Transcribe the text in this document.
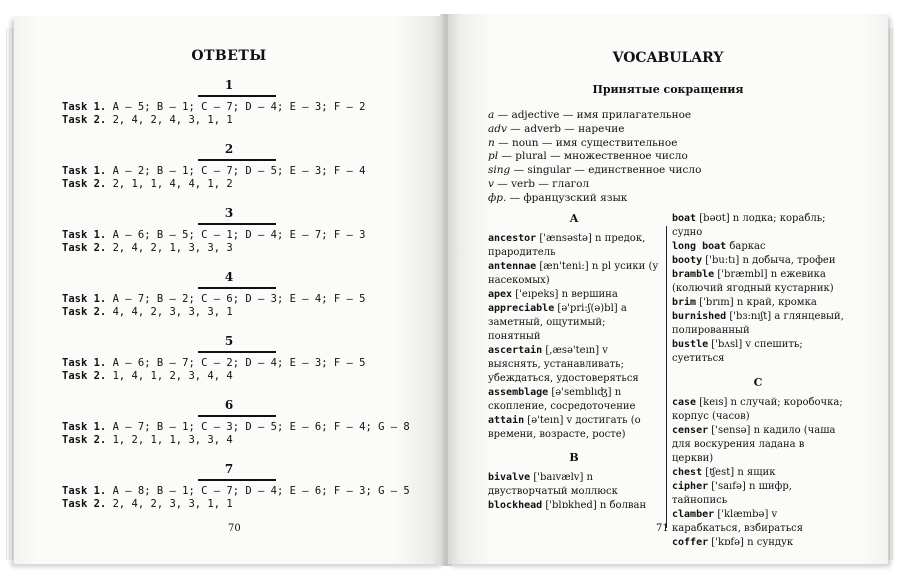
ОТВЕТЫ
1
Task 1. A — 5; B — 1; C — 7; D — 4; E — 3; F — 2
Task 2. 2, 4, 2, 4, 3, 1, 1
2
Task 1. A — 2; B — 1; C — 7; D — 5; E — 3; F — 4
Task 2. 2, 1, 1, 4, 4, 1, 2
3
Task 1. A — 6; B — 5; C — 1; D — 4; E — 7; F — 3
Task 2. 2, 4, 2, 1, 3, 3, 3
4
Task 1. A — 7; B — 2; C — 6; D — 3; E — 4; F — 5
Task 2. 4, 4, 2, 3, 3, 3, 1
5
Task 1. A — 6; B — 7; C — 2; D — 4; E — 3; F — 5
Task 2. 1, 4, 1, 2, 3, 4, 4
6
Task 1. A — 7; B — 1; C — 3; D — 5; E — 6; F — 4; G — 8
Task 2. 1, 2, 1, 1, 3, 3, 4
7
Task 1. A — 8; B — 1; C — 7; D — 4; E — 6; F — 3; G — 5
Task 2. 2, 4, 2, 3, 3, 1, 1
70
VOCABULARY
Принятые сокращения
a — adjective — имя прилагательное
adv — adverb — наречие
n — noun — имя существительное
pl — plural — множественное число
sing — singular — единственное число
v — verb — глагол
фр. — французский язык
A
ancestor ['ænsəstə] n предок, прародитель
antennae [æn'teni:] n pl усики (у насекомых)
apex ['eıpeks] n вершина
appreciable [ə'pri:ʃ(ə)bl] a заметный, ощутимый; понятный
ascertain [,æsə'teın] v выяснять, устанавливать; убеждаться, удостоверяться
assemblage [ə'semblıʤ] n скопление, сосредоточение
attain [ə'teın] v достигать (о времени, возрасте, росте)
B
bivalve ['baıvælv] n двустворчатый моллюск
blockhead ['blɒkhed] n болван
boat [bəʊt] n лодка; корабль; судно
long boat баркас
booty ['bu:tı] n добыча, трофеи
bramble ['bræmbl] n ежевика (колючий ягодный кустарник)
brim ['brım] n край, кромка
burnished ['bɜ:nıʃt] a глянцевый, полированный
bustle ['bʌsl] v спешить; суетиться
C
case [keıs] n случай; коробочка; корпус (часов)
censer ['sensə] n кадило (чаша для воскурения ладана в церкви)
chest [ʧest] n ящик
cipher ['saıfə] n шифр, тайнопись
clamber ['klæmbə] v карабкаться, взбираться
coffer ['kɒfə] n сундук
71
